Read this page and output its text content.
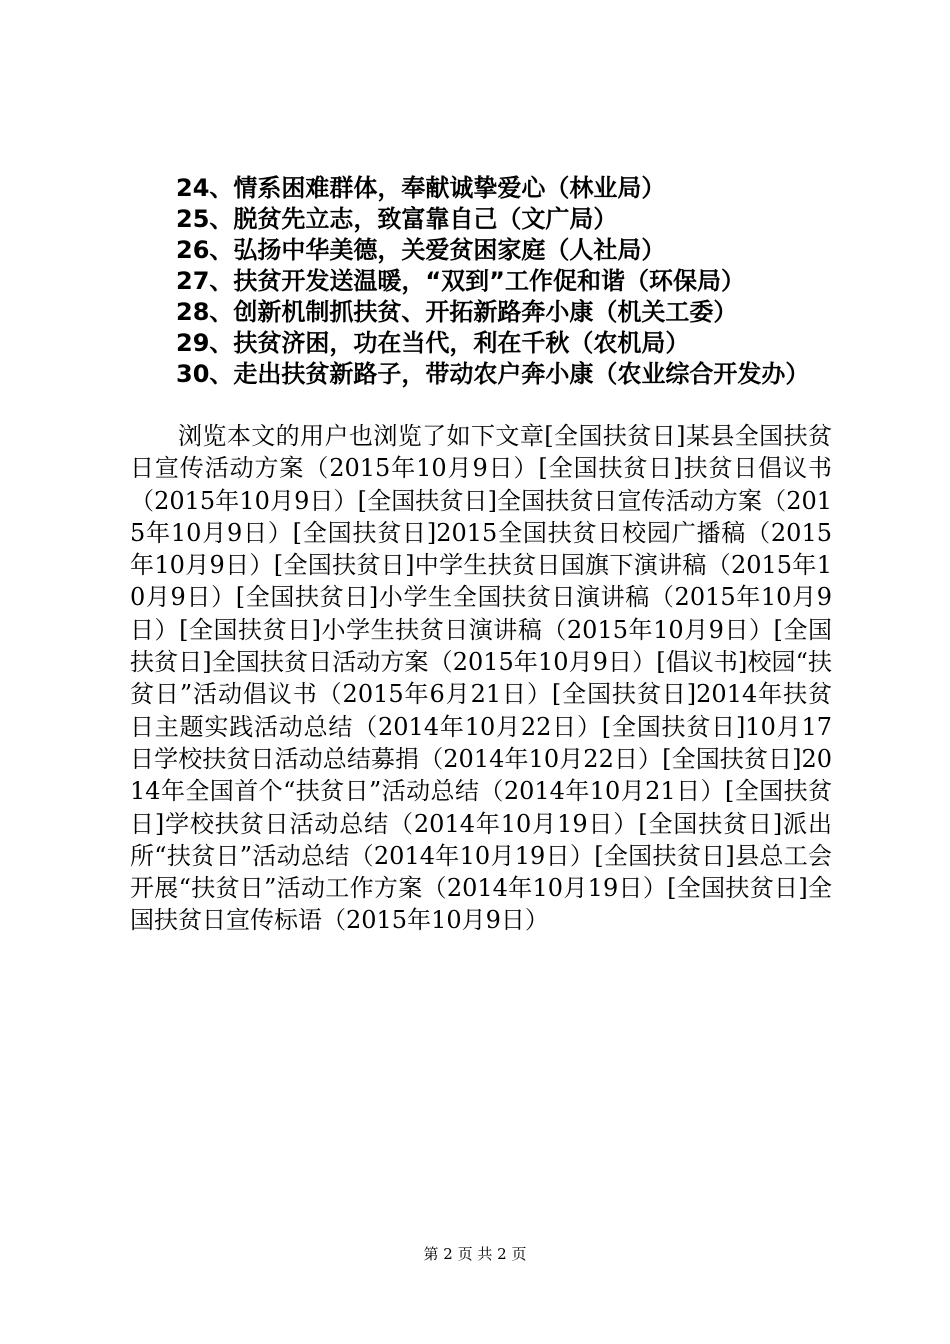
24、情系困难群体，奉献诚挚爱心（林业局）

25、脱贫先立志，致富靠自己（文广局）

26、弘扬中华美德，关爱贫困家庭（人社局）

27、扶贫开发送温暖，“双到”工作促和谐（环保局）

28、创新机制抓扶贫、开拓新路奔小康（机关工委）

29、扶贫济困，功在当代，利在千秋（农机局）

30、走出扶贫新路子，带动农户奔小康（农业综合开发办）

浏览本文的用户也浏览了如下文章[全国扶贫日]某县全国扶贫日宣传活动方案（2015年10月9日）[全国扶贫日]扶贫日倡议书（2015年10月9日）[全国扶贫日]全国扶贫日宣传活动方案（2015年10月9日）[全国扶贫日]2015全国扶贫日校园广播稿（2015年10月9日）[全国扶贫日]中学生扶贫日国旗下演讲稿（2015年10月9日）[全国扶贫日]小学生全国扶贫日演讲稿（2015年10月9日）[全国扶贫日]小学生扶贫日演讲稿（2015年10月9日）[全国扶贫日]全国扶贫日活动方案（2015年10月9日）[倡议书]校园“扶贫日”活动倡议书（2015年6月21日）[全国扶贫日]2014年扶贫日主题实践活动总结（2014年10月22日）[全国扶贫日]10月17日学校扶贫日活动总结募捐（2014年10月22日）[全国扶贫日]2014年全国首个“扶贫日”活动总结（2014年10月21日）[全国扶贫日]学校扶贫日活动总结（2014年10月19日）[全国扶贫日]派出所“扶贫日”活动总结（2014年10月19日）[全国扶贫日]县总工会开展“扶贫日”活动工作方案（2014年10月19日）[全国扶贫日]全国扶贫日宣传标语（2015年10月9日）

第 2 页 共 2 页
